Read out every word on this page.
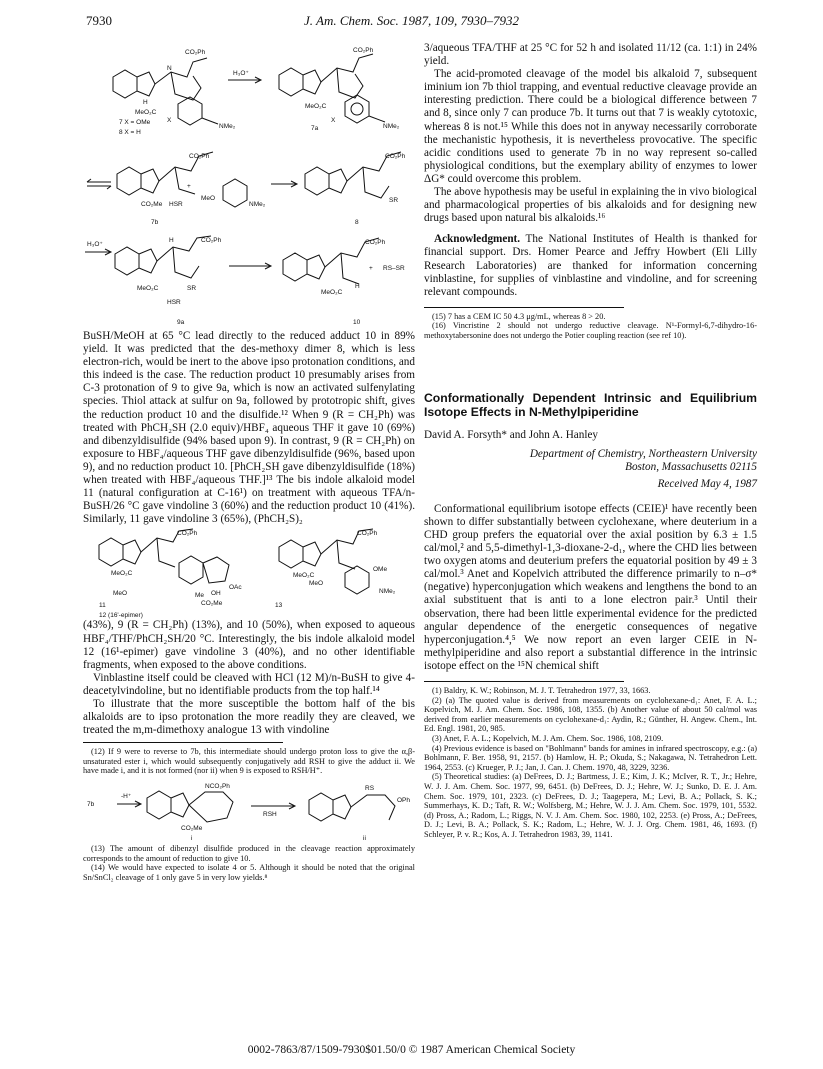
7930	J. Am. Chem. Soc. 1987, 109, 7930–7932
CO₂Ph
N
H
MeO₂C
X
NMe₂
H₃O⁺
CO₂Ph
MeO₂C
X
NMe₂
7 X = OMe
8 X = H
7a
CO₂Ph
+
CO₂Me HSR
MeO
NMe₂
CO₂Ph
SR
7b	8
H₃O⁺
H	CO₂Ph
MeO₂C	SR
HSR
CO₂Ph
+ RS–SR
MeO₂C
H
9a	10

BuSH/MeOH at 65 °C lead directly to the reduced adduct 10 in 89% yield. It was predicted that the des-methoxy dimer 8, which is less electron-rich, would be inert to the above ipso protonation conditions, and this indeed is the case. The reduction product 10 presumably arises from C-3 protonation of 9 to give 9a, which is now an activated sulfenylating species. Thiol attack at sulfur on 9a, followed by prototropic shift, gives the reduction product 10 and the disulfide.¹² When 9 (R = CH₂Ph) was treated with PhCH₂SH (2.0 equiv)/HBF₄ aqueous THF it gave 10 (69%) and dibenzyldisulfide (94% based upon 9). In contrast, 9 (R = CH₂Ph) on exposure to HBF₄/aqueous THF gave dibenzyldisulfide (96%, based upon 9), and no reduction product 10. [PhCH₂SH gave dibenzyldisulfide (18%) when treated with HBF₄/aqueous THF.]¹³ The bis indole alkaloid model 11 (natural configuration at C-16¹) on treatment with aqueous TFA/n-BuSH/26 °C gave vindoline 3 (60%) and the reduction product 10 (41%). Similarly, 11 gave vindoline 3 (65%), (PhCH₂S)₂

CO₂Ph
MeO₂C
MeO	OH
OAc
Me
CO₂Me
CO₂Ph
MeO₂C
MeO
OMe
NMe₂
11
12 (16'-epimer)
13

(43%), 9 (R = CH₂Ph) (13%), and 10 (50%), when exposed to aqueous HBF₄/THF/PhCH₂SH/20 °C. Interestingly, the bis indole alkaloid model 12 (16¹-epimer) gave vindoline 3 (40%), and no other identifiable fragments, when exposed to the above conditions.

Vinblastine itself could be cleaved with HCl (12 M)/n-BuSH to give 4-deacetylvindoline, but no identifiable products from the top half.¹⁴

To illustrate that the more susceptible the bottom half of the bis alkaloids are to ipso protonation the more readily they are cleaved, we treated the m,m-dimethoxy analogue 13 with vindoline

(12) If 9 were to reverse to 7b, this intermediate should undergo proton loss to give the α,β-unsaturated ester i, which would subsequently conjugatively add RSH to give the adduct ii. We have made i, and it is not formed (nor ii) when 9 is exposed to RSH/H⁺.

7b
-H⁺
NCO₂Ph
CO₂Me
RSH
RS
OPh
i	ii

(13) The amount of dibenzyl disulfide produced in the cleavage reaction approximately corresponds to the amount of reduction to give 10.

(14) We would have expected to isolate 4 or 5. Although it should be noted that the original Sn/SnCl₂ cleavage of 1 only gave 5 in very low yields.⁸

3/aqueous TFA/THF at 25 °C for 52 h and isolated 11/12 (ca. 1:1) in 24% yield.

The acid-promoted cleavage of the model bis alkaloid 7, subsequent iminium ion 7b thiol trapping, and eventual reductive cleavage provide an interesting prediction. There could be a biological difference between 7 and 8, since only 7 can produce 7b. It turns out that 7 is weakly cytotoxic, whereas 8 is not.¹⁵ While this does not in anyway necessarily corroborate the mechanistic hypothesis, it is nevertheless provocative. The specific acidic conditions used to generate 7b in no way represent so-called physiological conditions, but the exemplary ability of enzymes to lower ΔG* could overcome this problem.

The above hypothesis may be useful in explaining the in vivo biological and pharmacological properties of bis alkaloids and for designing new drugs based upon natural bis alkaloids.¹⁶

Acknowledgment. The National Institutes of Health is thanked for financial support. Drs. Homer Pearce and Jeffry Howbert (Eli Lilly Research Laboratories) are thanked for information concerning vinblastine, for supplies of vinblastine and vindoline, and for screening relevant compounds.

(15) 7 has a CEM IC 50 4.3 μg/mL, whereas 8 > 20.

(16) Vincristine 2 should not undergo reductive cleavage. N¹-Formyl-6,7-dihydro-16-methoxytabersonine does not undergo the Potier coupling reaction (see ref 10).

Conformationally Dependent Intrinsic and Equilibrium Isotope Effects in N-Methylpiperidine
David A. Forsyth* and John A. Hanley
Department of Chemistry, Northeastern University
Boston, Massachusetts 02115
Received May 4, 1987

Conformational equilibrium isotope effects (CEIE)¹ have recently been shown to differ substantially between cyclohexane, where deuterium in a CHD group prefers the equatorial over the axial position by 6.3 ± 1.5 cal/mol,² and 5,5-dimethyl-1,3-dioxane-2-d₁, where the CHD lies between two oxygen atoms and deuterium prefers the equatorial position by 49 ± 3 cal/mol.³ Anet and Kopelvich attributed the difference primarily to n–σ* (negative) hyperconjugation which weakens and lengthens the bond to an axial substituent that is anti to a lone electron pair.³ Until their observation, there had been little experimental evidence for the predicted angular dependence of the energetic consequences of negative hyperconjugation.⁴,⁵ We now report an even larger CEIE in N-methylpiperidine and also report a substantial difference in the intrinsic isotope effect on the ¹⁵N chemical shift

(1) Baldry, K. W.; Robinson, M. J. T. Tetrahedron 1977, 33, 1663.

(2) (a) The quoted value is derived from measurements on cyclohexane-d₁: Anet, F. A. L.; Kopelvich, M. J. Am. Chem. Soc. 1986, 108, 1355. (b) Another value of about 50 cal/mol was derived from earlier measurements on cyclohexane-d₁: Aydin, R.; Günther, H. Angew. Chem., Int. Ed. Engl. 1981, 20, 985.

(3) Anet, F. A. L.; Kopelvich, M. J. Am. Chem. Soc. 1986, 108, 2109.

(4) Previous evidence is based on "Bohlmann" bands for amines in infrared spectroscopy, e.g.: (a) Bohlmann, F. Ber. 1958, 91, 2157. (b) Hamlow, H. P.; Okuda, S.; Nakagawa, N. Tetrahedron Lett. 1964, 2553. (c) Krueger, P. J.; Jan, J. Can. J. Chem. 1970, 48, 3229, 3236.

(5) Theoretical studies: (a) DeFrees, D. J.; Bartmess, J. E.; Kim, J. K.; McIver, R. T., Jr.; Hehre, W. J. J. Am. Chem. Soc. 1977, 99, 6451. (b) DeFrees, D. J.; Hehre, W. J.; Sunko, D. E. J. Am. Chem. Soc. 1979, 101, 2323. (c) DeFrees, D. J.; Taagepera, M.; Levi, B. A.; Pollack, S. K.; Summerhays, K. D.; Taft, R. W.; Wolfsberg, M.; Hehre, W. J. J. Am. Chem. Soc. 1979, 101, 5532. (d) Pross, A.; Radom, L.; Riggs, N. V. J. Am. Chem. Soc. 1980, 102, 2253. (e) Pross, A.; DeFrees, D. J.; Levi, B. A.; Pollack, S. K.; Radom, L.; Hehre, W. J. J. Org. Chem. 1981, 46, 1693. (f) Schleyer, P. v. R.; Kos, A. J. Tetrahedron 1983, 39, 1141.

0002-7863/87/1509-7930$01.50/0 © 1987 American Chemical Society
